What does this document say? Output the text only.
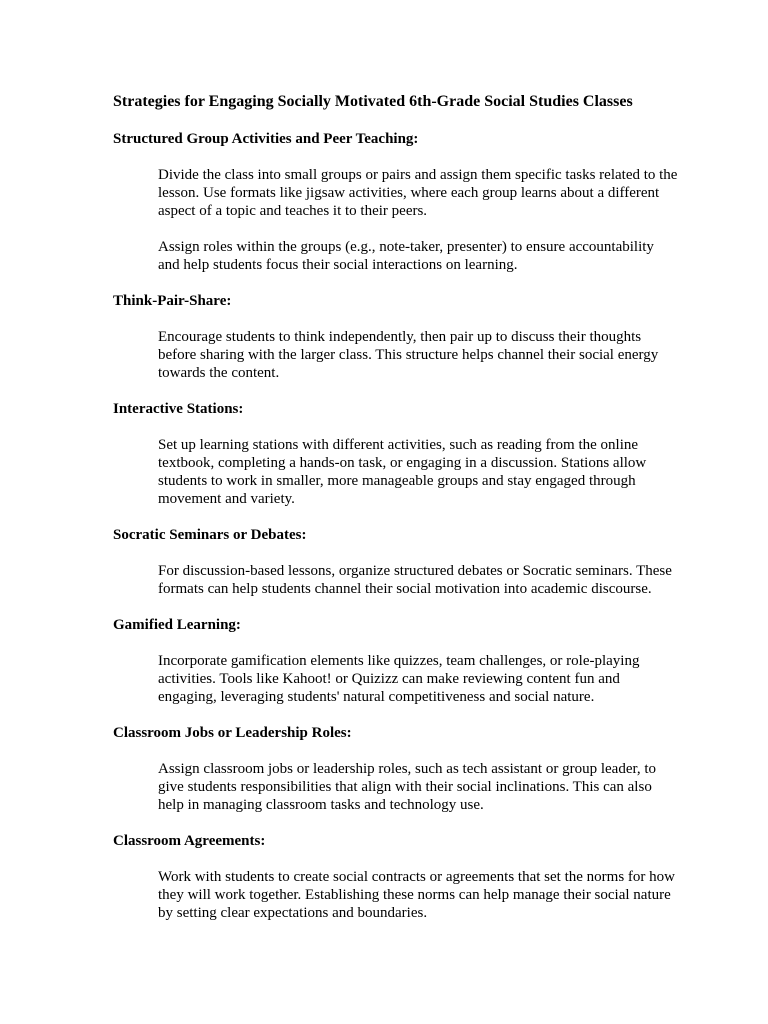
Strategies for Engaging Socially Motivated 6th-Grade Social Studies Classes
Structured Group Activities and Peer Teaching:

Divide the class into small groups or pairs and assign them specific tasks related to the lesson. Use formats like jigsaw activities, where each group learns about a different aspect of a topic and teaches it to their peers.

Assign roles within the groups (e.g., note-taker, presenter) to ensure accountability and help students focus their social interactions on learning.

Think-Pair-Share:

Encourage students to think independently, then pair up to discuss their thoughts before sharing with the larger class. This structure helps channel their social energy towards the content.

Interactive Stations:

Set up learning stations with different activities, such as reading from the online textbook, completing a hands-on task, or engaging in a discussion. Stations allow students to work in smaller, more manageable groups and stay engaged through movement and variety.

Socratic Seminars or Debates:

For discussion-based lessons, organize structured debates or Socratic seminars. These formats can help students channel their social motivation into academic discourse.

Gamified Learning:

Incorporate gamification elements like quizzes, team challenges, or role-playing activities. Tools like Kahoot! or Quizizz can make reviewing content fun and engaging, leveraging students' natural competitiveness and social nature.

Classroom Jobs or Leadership Roles:

Assign classroom jobs or leadership roles, such as tech assistant or group leader, to give students responsibilities that align with their social inclinations. This can also help in managing classroom tasks and technology use.

Classroom Agreements:

Work with students to create social contracts or agreements that set the norms for how they will work together. Establishing these norms can help manage their social nature by setting clear expectations and boundaries.
